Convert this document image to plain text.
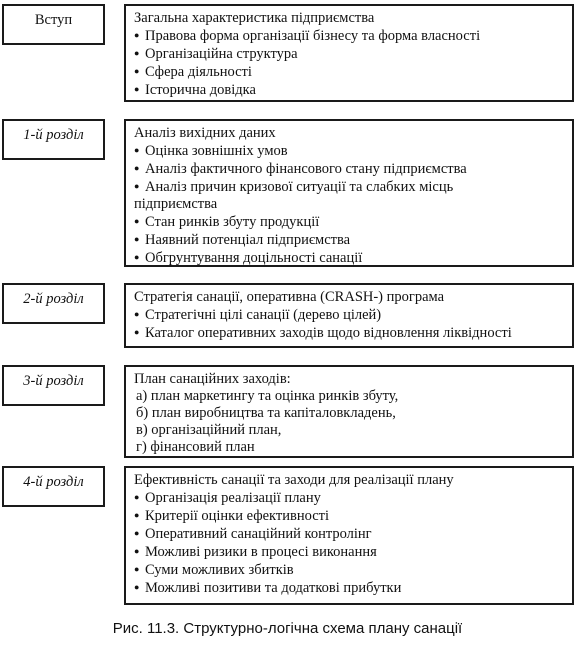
Вступ	Загальна характеристика підприємства
● Правова форма організації бізнесу та форма власності
● Організаційна структура
● Сфера діяльності
● Історична довідка
1-й розділ	Аналіз вихідних даних
● Оцінка зовнішніх умов
● Аналіз фактичного фінансового стану підприємства
● Аналіз причин кризової ситуації та слабких місць
підприємства
● Стан ринків збуту продукції
● Наявний потенціал підприємства
● Обгрунтування доцільності санації
2-й розділ	Стратегія санації, оперативна (CRASH-) програма
● Стратегічні цілі санації (дерево цілей)
● Каталог оперативних заходів щодо відновлення ліквідності
3-й розділ	План санаційних заходів:
а) план маркетингу та оцінка ринків збуту,
б) план виробництва та капіталовкладень,
в) організаційний план,
г) фінансовий план
4-й розділ	Ефективність санації та заходи для реалізації плану
● Організація реалізації плану
● Критерії оцінки ефективності
● Оперативний санаційний контролінг
● Можливі ризики в процесі виконання
● Суми можливих збитків
● Можливі позитиви та додаткові прибутки
Рис. 11.3. Структурно-логічна схема плану санації
